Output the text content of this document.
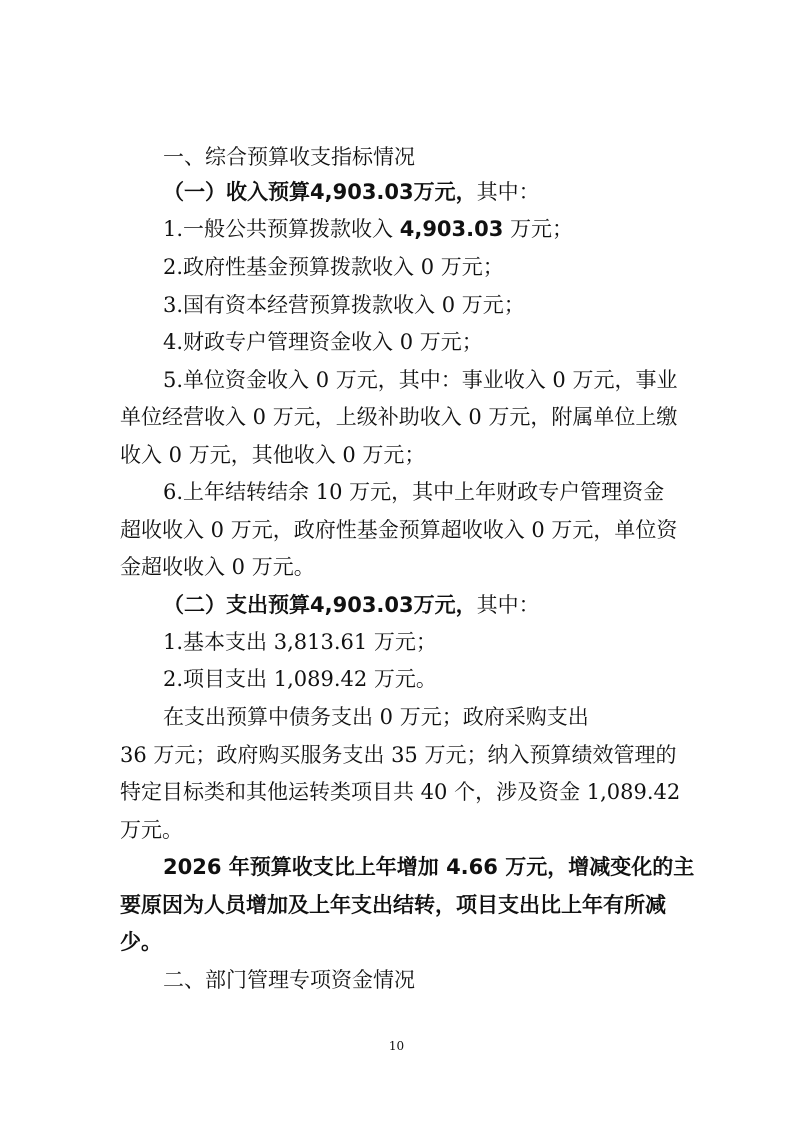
一、综合预算收支指标情况
（一）收入预算4,903.03万元，其中：
1.一般公共预算拨款收入 4,903.03 万元；
2.政府性基金预算拨款收入 0 万元；
3.国有资本经营预算拨款收入 0 万元；
4.财政专户管理资金收入 0 万元；
5.单位资金收入 0 万元，其中：事业收入 0 万元，事业
单位经营收入 0 万元，上级补助收入 0 万元，附属单位上缴
收入 0 万元，其他收入 0 万元；
6.上年结转结余 10 万元，其中上年财政专户管理资金
超收收入 0 万元，政府性基金预算超收收入 0 万元，单位资
金超收收入 0 万元。
（二）支出预算4,903.03万元，其中：
1.基本支出 3,813.61 万元；
2.项目支出 1,089.42 万元。
在支出预算中债务支出 0 万元；政府采购支出
36 万元；政府购买服务支出 35 万元；纳入预算绩效管理的
特定目标类和其他运转类项目共 40 个，涉及资金 1,089.42
万元。
2026 年预算收支比上年增加 4.66 万元，增减变化的主
要原因为人员增加及上年支出结转，项目支出比上年有所减
少。
二、部门管理专项资金情况
10
